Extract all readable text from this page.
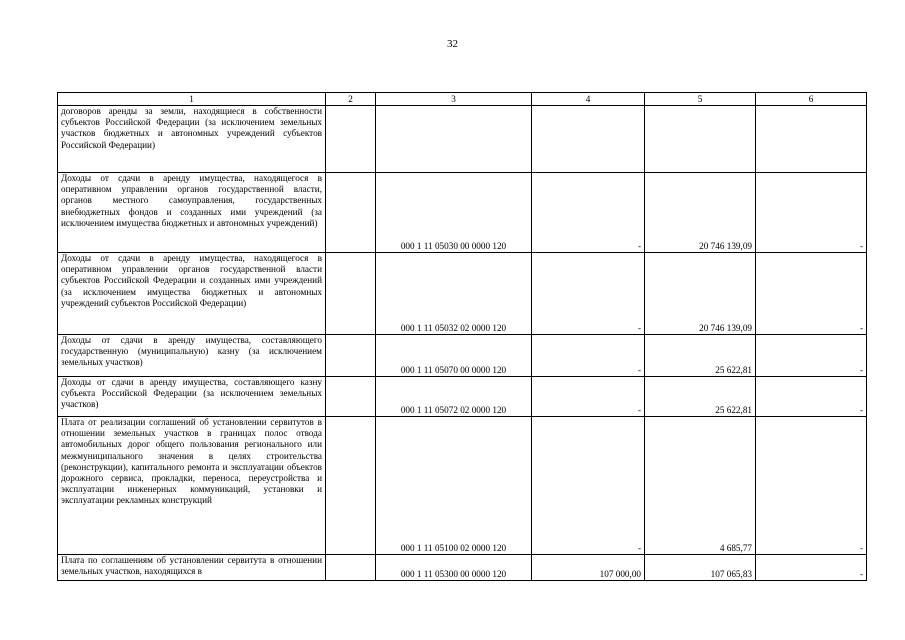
32
1	2	3	4	5	6
договоров аренды за земли, находящиеся в собственности субъектов Российской Федерации (за исключением земельных участков бюджетных и автономных учреждений субъектов Российской Федерации)					
Доходы от сдачи в аренду имущества, находящегося в оперативном управлении органов государственной власти, органов местного самоуправления, государственных внебюджетных фондов и созданных ими учреждений (за исключением имущества бюджетных и автономных учреждений)		000 1 11 05030 00 0000 120	-	20 746 139,09	-
Доходы от сдачи в аренду имущества, находящегося в оперативном управлении органов государственной власти субъектов Российской Федерации и созданных ими учреждений (за исключением имущества бюджетных и автономных учреждений субъектов Российской Федерации)		000 1 11 05032 02 0000 120	-	20 746 139,09	-
Доходы от сдачи в аренду имущества, составляющего государственную (муниципальную) казну (за исключением земельных участков)		000 1 11 05070 00 0000 120	-	25 622,81	-
Доходы от сдачи в аренду имущества, составляющего казну субъекта Российской Федерации (за исключением земельных участков)		000 1 11 05072 02 0000 120	-	25 622,81	-
Плата от реализации соглашений об установлении сервитутов в отношении земельных участков в границах полос отвода автомобильных дорог общего пользования регионального или межмуниципального значения в целях строительства (реконструкции), капитального ремонта и эксплуатации объектов дорожного сервиса, прокладки, переноса, переустройства и эксплуатации инженерных коммуникаций, установки и эксплуатации рекламных конструкций		000 1 11 05100 02 0000 120	-	4 685,77	-
Плата по соглашениям об установлении сервитута в отношении земельных участков, находящихся в		000 1 11 05300 00 0000 120	107 000,00	107 065,83	-
